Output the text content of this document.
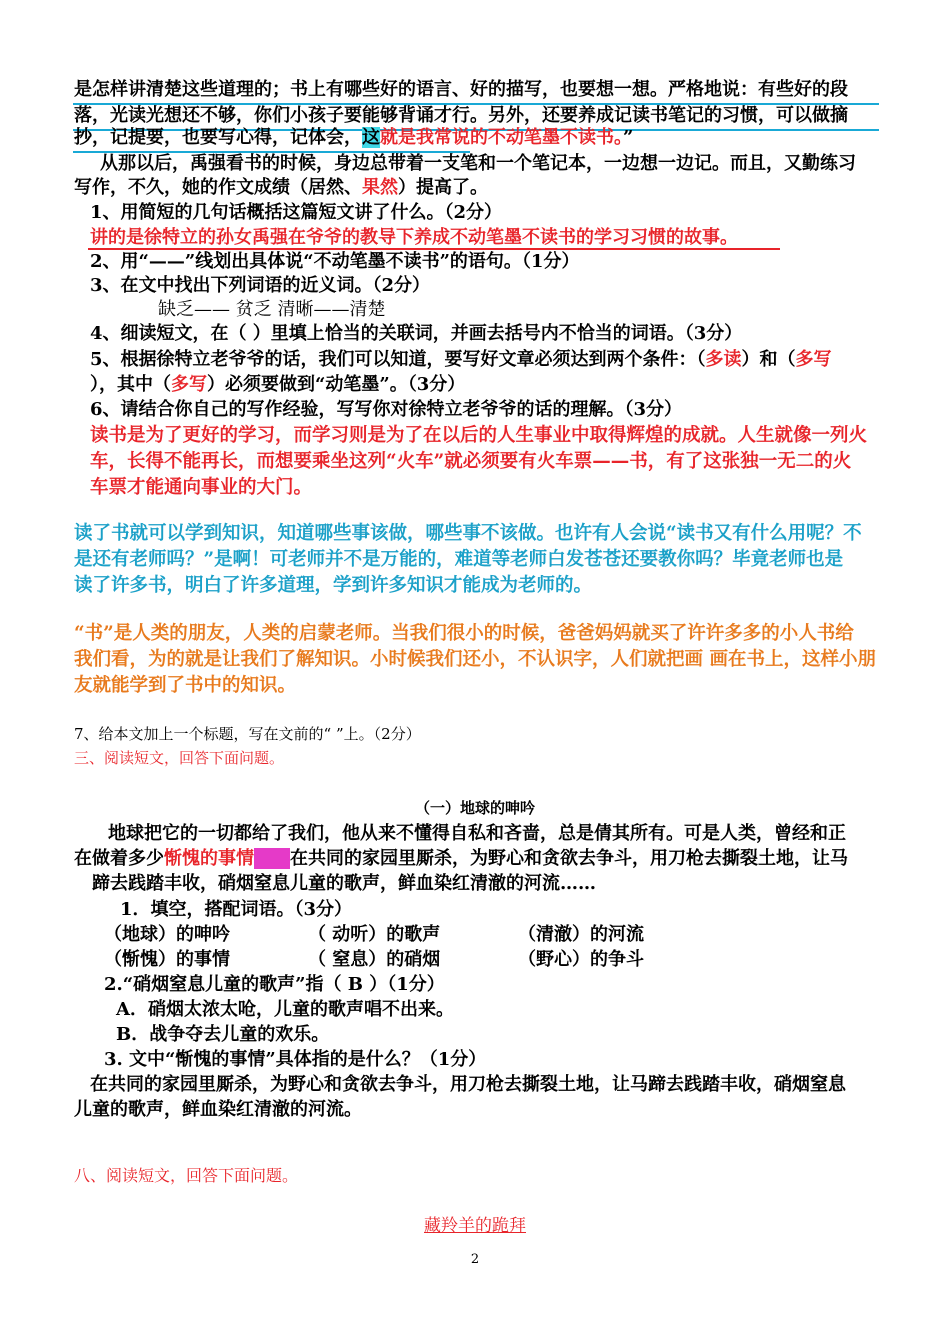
是怎样讲清楚这些道理的；书上有哪些好的语言、好的描写，也要想一想。严格地说：有些好的段
落，光读光想还不够，你们小孩子要能够背诵才行。另外，还要养成记读书笔记的习惯，可以做摘
抄，记提要，也要写心得，记体会，这就是我常说的不动笔墨不读书。”
从那以后，禹强看书的时候，身边总带着一支笔和一个笔记本，一边想一边记。而且，又勤练习
写作，不久，她的作文成绩（居然、果然）提高了。
1、用简短的几句话概括这篇短文讲了什么。（2分）
讲的是徐特立的孙女禹强在爷爷的教导下养成不动笔墨不读书的学习习惯的故事。
2、用“——”线划出具体说“不动笔墨不读书”的语句。（1分）
3、在文中找出下列词语的近义词。（2分）
缺乏—— 贫乏 清晰——清楚
4、细读短文，在（ ）里填上恰当的关联词，并画去括号内不恰当的词语。（3分）
5、根据徐特立老爷爷的话，我们可以知道，要写好文章必须达到两个条件：（多读）和（多写
），其中（多写）必须要做到“动笔墨”。（3分）
6、请结合你自己的写作经验，写写你对徐特立老爷爷的话的理解。（3分）
读书是为了更好的学习，而学习则是为了在以后的人生事业中取得辉煌的成就。人生就像一列火
车，长得不能再长，而想要乘坐这列“火车”就必须要有火车票——书，有了这张独一无二的火
车票才能通向事业的大门。
读了书就可以学到知识，知道哪些事该做，哪些事不该做。也许有人会说“读书又有什么用呢？不
是还有老师吗？”是啊！可老师并不是万能的，难道等老师白发苍苍还要教你吗？毕竟老师也是
读了许多书，明白了许多道理，学到许多知识才能成为老师的。
“书”是人类的朋友，人类的启蒙老师。当我们很小的时候，爸爸妈妈就买了许许多多的小人书给
我们看，为的就是让我们了解知识。小时候我们还小，不认识字，人们就把画 画在书上，这样小朋
友就能学到了书中的知识。
7、给本文加上一个标题，写在文前的“ ”上。（2分）
三、阅读短文，回答下面问题。
（一）地球的呻吟
地球把它的一切都给了我们，他从来不懂得自私和吝啬，总是倩其所有。可是人类，曾经和正
在做着多少惭愧的事情——在共同的家园里厮杀，为野心和贪欲去争斗，用刀枪去撕裂土地，让马
蹄去践踏丰收，硝烟窒息儿童的歌声，鲜血染红清澈的河流……
1．填空，搭配词语。（3分）
（地球）的呻吟	（ 动听）的歌声	（清澈）的河流
（惭愧）的事情	（ 窒息）的硝烟	（野心）的争斗
2.“硝烟窒息儿童的歌声”指（ B ）（1分）
A．硝烟太浓太呛，儿童的歌声唱不出来。
B．战争夺去儿童的欢乐。
3. 文中“惭愧的事情”具体指的是什么？（1分）
在共同的家园里厮杀，为野心和贪欲去争斗，用刀枪去撕裂土地，让马蹄去践踏丰收，硝烟窒息
儿童的歌声，鲜血染红清澈的河流。
八、阅读短文，回答下面问题。
藏羚羊的跪拜
2
